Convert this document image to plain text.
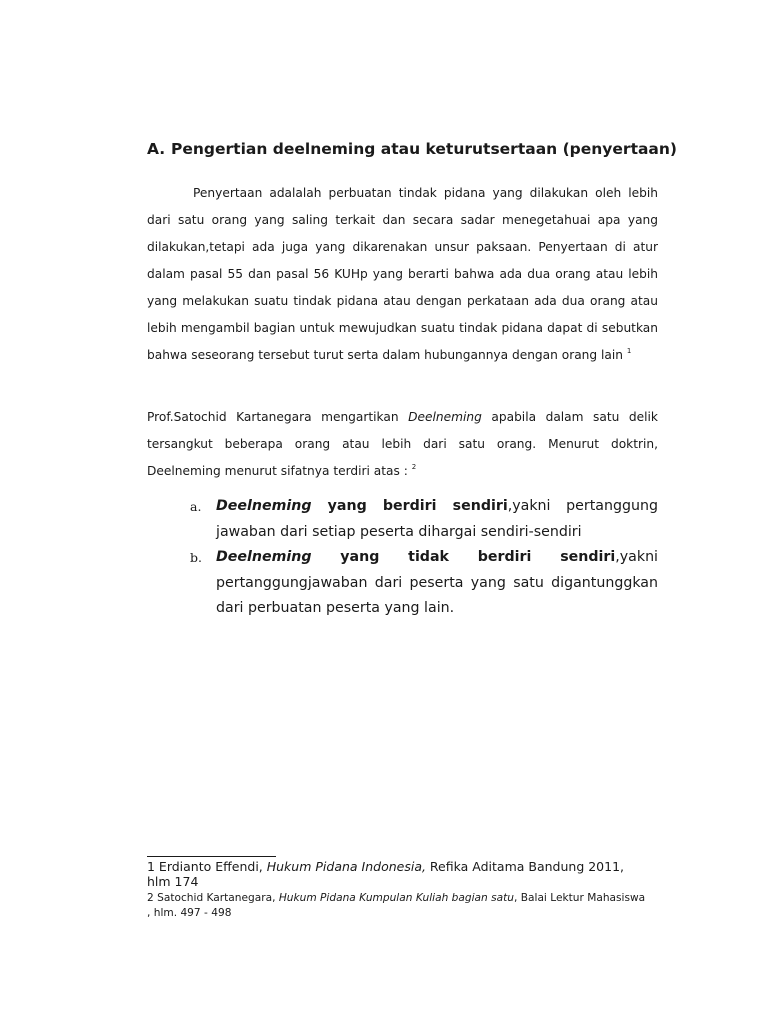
A. Pengertian deelneming atau keturutsertaan (penyertaan)

Penyertaan adalalah perbuatan tindak pidana yang dilakukan oleh lebih dari satu orang yang saling terkait dan secara sadar menegetahuai apa yang dilakukan,tetapi ada juga yang dikarenakan unsur paksaan. Penyertaan di atur dalam pasal 55 dan pasal 56 KUHp yang berarti bahwa ada dua orang atau lebih yang melakukan suatu tindak pidana atau dengan perkataan ada dua orang atau lebih mengambil bagian untuk mewujudkan suatu tindak pidana dapat di sebutkan bahwa seseorang tersebut turut serta dalam hubungannya dengan orang lain $^1$

Prof.Satochid Kartanegara mengartikan Deelneming apabila dalam satu delik tersangkut beberapa orang atau lebih dari satu orang. Menurut doktrin, Deelneming menurut sifatnya terdiri atas : $^2$

a. Deelneming yang berdiri sendiri,yakni pertanggung jawaban dari setiap peserta dihargai sendiri-sendiri
b. Deelneming yang tidak berdiri sendiri,yakni pertanggungjawaban dari peserta yang satu digantunggkan dari perbuatan peserta yang lain.

1 Erdianto Effendi, Hukum Pidana Indonesia, Refika Aditama Bandung 2011, hlm 174

2 Satochid Kartanegara, Hukum Pidana Kumpulan Kuliah bagian satu, Balai Lektur Mahasiswa , hlm. 497 - 498
